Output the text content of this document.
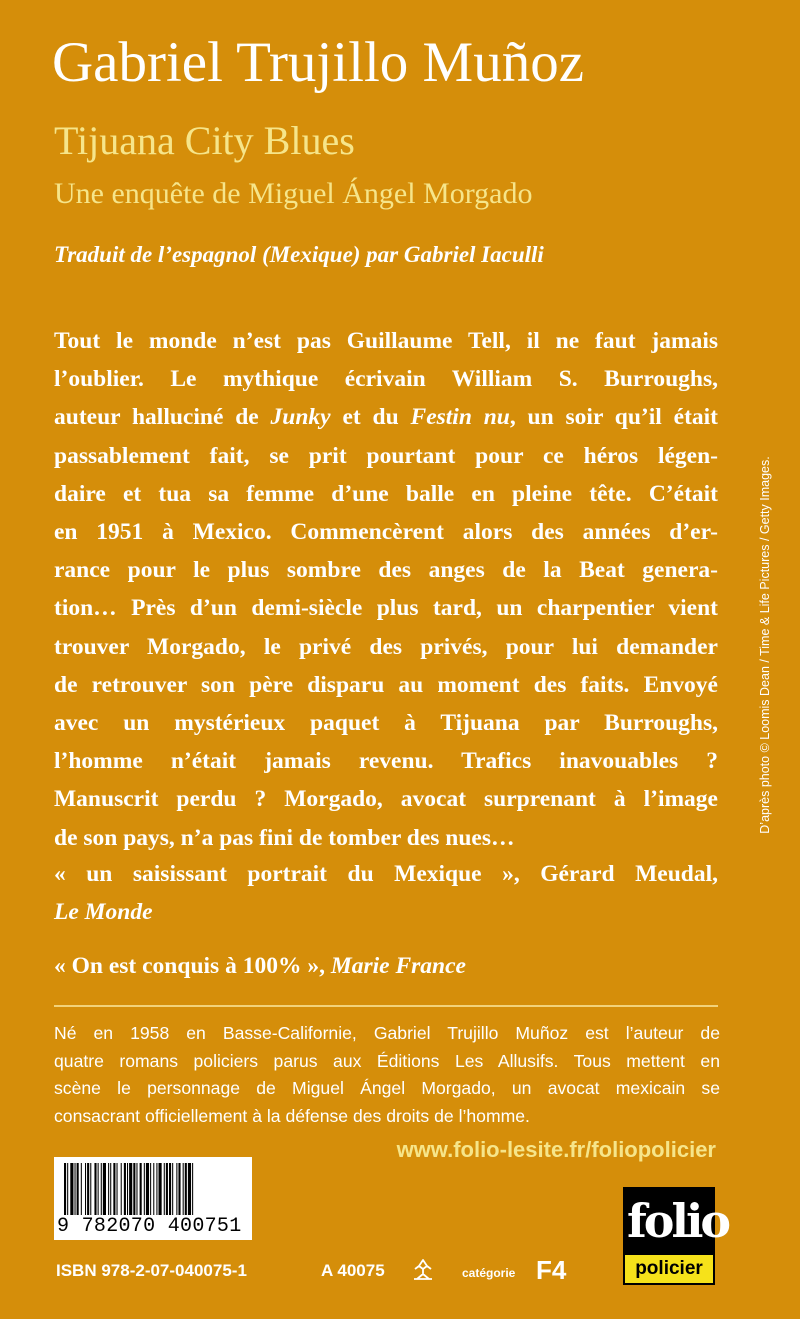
Gabriel Trujillo Muñoz
Tijuana City Blues
Une enquête de Miguel Ángel Morgado
Traduit de l’espagnol (Mexique) par Gabriel Iaculli
Tout le monde n’est pas Guillaume Tell, il ne faut jamais
l’oublier. Le mythique écrivain William S. Burroughs,
auteur halluciné de Junky et du Festin nu, un soir qu’il était
passablement fait, se prit pourtant pour ce héros légen-
daire et tua sa femme d’une balle en pleine tête. C’était
en 1951 à Mexico. Commencèrent alors des années d’er-
rance pour le plus sombre des anges de la Beat genera-
tion… Près d’un demi-siècle plus tard, un charpentier vient
trouver Morgado, le privé des privés, pour lui demander
de retrouver son père disparu au moment des faits. Envoyé
avec un mystérieux paquet à Tijuana par Burroughs,
l’homme n’était jamais revenu. Trafics inavouables ?
Manuscrit perdu ? Morgado, avocat surprenant à l’image
de son pays, n’a pas fini de tomber des nues…
« un saisissant portrait du Mexique », Gérard Meudal,
Le Monde
« On est conquis à 100% », Marie France
Né en 1958 en Basse-Californie, Gabriel Trujillo Muñoz est l’auteur de
quatre romans policiers parus aux Éditions Les Allusifs. Tous mettent en
scène le personnage de Miguel Ángel Morgado, un avocat mexicain se
consacrant officiellement à la défense des droits de l’homme.
www.folio-lesite.fr/foliopolicier
9 782070 400751
ISBN 978-2-07-040075-1	A 40075	catégorie F4
D’après photo © Loomis Dean / Time & Life Pictures / Getty Images.
folio
policier
